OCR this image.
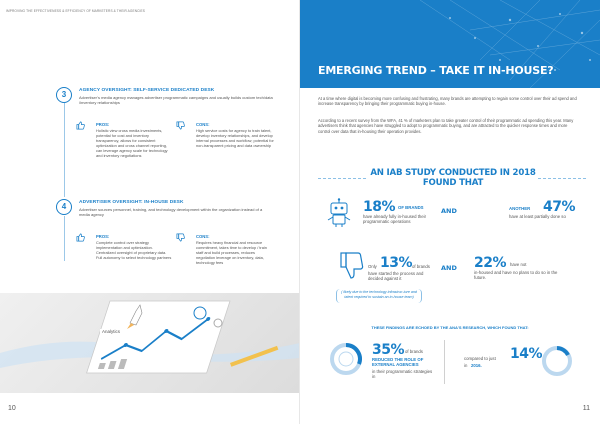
IMPROVING THE EFFECTIVENESS & EFFICIENCY OF MARKETERS & THEIR AGENCIES
3	AGENCY OVERSIGHT: SELF-SERVICE DEDICATED DESK
Advertiser’s media agency manages advertiser programmatic campaigns and usually builds custom tech/data /inventory relationships
PROS:
Holistic view cross media investments, potential for cost and inventory transparency, allows for consistent optimization and cross channel reporting, can leverage agency scale for technology and inventory negotiations
CONS:
High service costs for agency to train talent, develop inventory relationships, and develop internal processes and workflow; potential for non-transparent pricing and data ownership
4	ADVERTISER OVERSIGHT: IN-HOUSE DESK
Advertiser sources personnel, training, and technology development within the organization instead of a media agency
PROS:
Complete control over strategy implementation and optimization. Centralized oversight of proprietary data. Full autonomy to select technology partners
CONS:
Requires heavy financial and resource commitment, takes time to develop / train staff and build processes, reduces negotiation leverage on inventory, data, technology fees
Analytics
10
EMERGING TREND – TAKE IT IN-HOUSE?
At a time where digital is becoming more confusing and frustrating, many brands are attempting to regain some control over their ad spend and increase transparency by bringing their programmatic buying in-house.
According to a recent survey from the WFA, 41 % of marketers plan to take greater control of their programmatic ad spending this year. Many advertisers think that agencies have struggled to adopt to programmatic buying, and are attracted to the quicker response times and more control over data that in-housing their operation provides.
AN IAB STUDY CONDUCTED IN 2018 FOUND THAT
18% OF BRANDS
have already fully in-housed their programmatic operations
AND	ANOTHER 47%
have at least partially done so
Only 13% of brands
have started the process and decided against it
AND 22% have not
in-housed and have no plans to do so in the future.
( likely due to the technology infrastruc-ture and talent required to sustain an in-house team)
THESE FINDINGS ARE ECHOED BY THE ANA'S RESEARCH, WHICH FOUND THAT:
35% of brands
REDUCED THE ROLE OF EXTERNAL AGENCIES
in their programmatic strategies in
compared to just 14%
in 2016.
11
